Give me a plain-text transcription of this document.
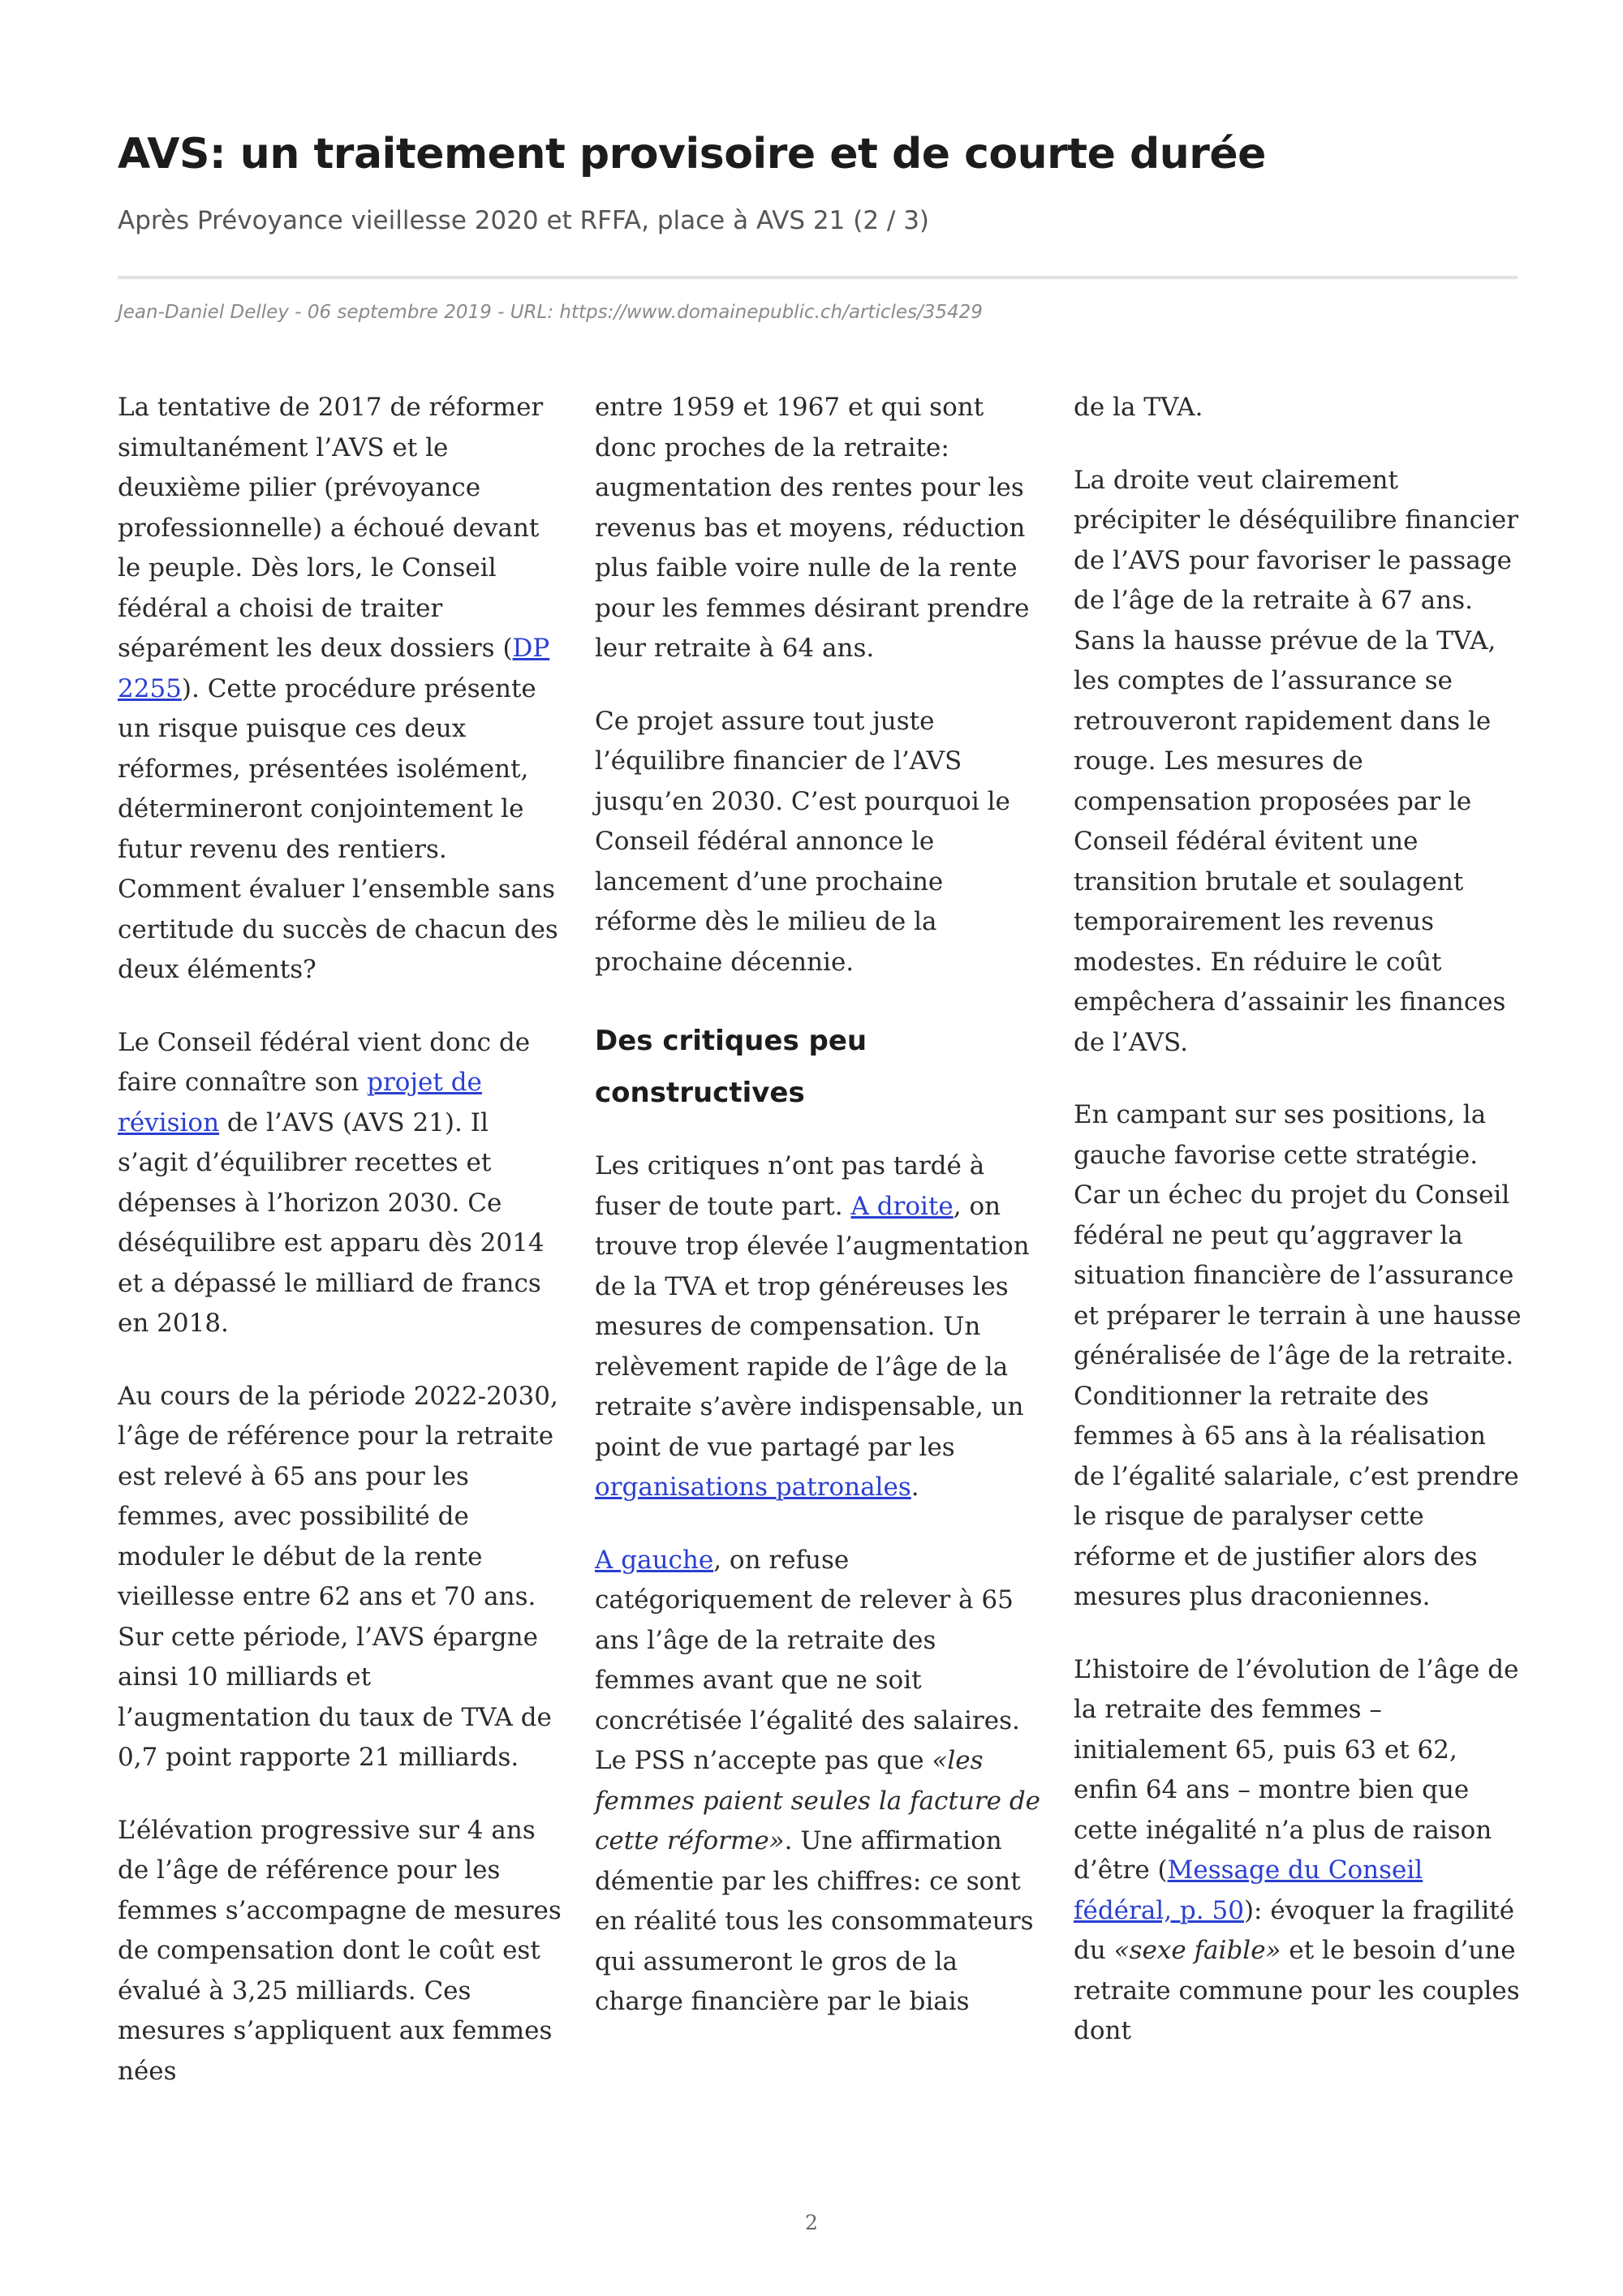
AVS: un traitement provisoire et de courte durée

Après Prévoyance vieillesse 2020 et RFFA, place à AVS 21 (2 / 3)

Jean-Daniel Delley - 06 septembre 2019 - URL: https://www.domainepublic.ch/articles/35429

La tentative de 2017 de réformer simultanément l’AVS et le deuxième pilier (prévoyance professionnelle) a échoué devant le peuple. Dès lors, le Conseil fédéral a choisi de traiter séparément les deux dossiers (DP 2255). Cette procédure présente un risque puisque ces deux réformes, présentées isolément, détermineront conjointement le futur revenu des rentiers. Comment évaluer l’ensemble sans certitude du succès de chacun des deux éléments?

Le Conseil fédéral vient donc de faire connaître son projet de révision de l’AVS (AVS 21). Il s’agit d’équilibrer recettes et dépenses à l’horizon 2030. Ce déséquilibre est apparu dès 2014 et a dépassé le milliard de francs en 2018.

Au cours de la période 2022-2030, l’âge de référence pour la retraite est relevé à 65 ans pour les femmes, avec possibilité de moduler le début de la rente vieillesse entre 62 ans et 70 ans. Sur cette période, l’AVS épargne ainsi 10 milliards et l’augmentation du taux de TVA de 0,7 point rapporte 21 milliards.

L’élévation progressive sur 4 ans de l’âge de référence pour les femmes s’accompagne de mesures de compensation dont le coût est évalué à 3,25 milliards. Ces mesures s’appliquent aux femmes nées

entre 1959 et 1967 et qui sont donc proches de la retraite: augmentation des rentes pour les revenus bas et moyens, réduction plus faible voire nulle de la rente pour les femmes désirant prendre leur retraite à 64 ans.

Ce projet assure tout juste l’équilibre financier de l’AVS jusqu’en 2030. C’est pourquoi le Conseil fédéral annonce le lancement d’une prochaine réforme dès le milieu de la prochaine décennie.

Des critiques peu constructives

Les critiques n’ont pas tardé à fuser de toute part. A droite, on trouve trop élevée l’augmentation de la TVA et trop généreuses les mesures de compensation. Un relèvement rapide de l’âge de la retraite s’avère indispensable, un point de vue partagé par les organisations patronales.

A gauche, on refuse catégoriquement de relever à 65 ans l’âge de la retraite des femmes avant que ne soit concrétisée l’égalité des salaires. Le PSS n’accepte pas que «les femmes paient seules la facture de cette réforme». Une affirmation démentie par les chiffres: ce sont en réalité tous les consommateurs qui assumeront le gros de la charge financière par le biais

de la TVA.

La droite veut clairement précipiter le déséquilibre financier de l’AVS pour favoriser le passage de l’âge de la retraite à 67 ans. Sans la hausse prévue de la TVA, les comptes de l’assurance se retrouveront rapidement dans le rouge. Les mesures de compensation proposées par le Conseil fédéral évitent une transition brutale et soulagent temporairement les revenus modestes. En réduire le coût empêchera d’assainir les finances de l’AVS.

En campant sur ses positions, la gauche favorise cette stratégie. Car un échec du projet du Conseil fédéral ne peut qu’aggraver la situation financière de l’assurance et préparer le terrain à une hausse généralisée de l’âge de la retraite. Conditionner la retraite des femmes à 65 ans à la réalisation de l’égalité salariale, c’est prendre le risque de paralyser cette réforme et de justifier alors des mesures plus draconiennes.

L’histoire de l’évolution de l’âge de la retraite des femmes – initialement 65, puis 63 et 62, enfin 64 ans – montre bien que cette inégalité n’a plus de raison d’être (Message du Conseil fédéral, p. 50): évoquer la fragilité du «sexe faible» et le besoin d’une retraite commune pour les couples dont

2
